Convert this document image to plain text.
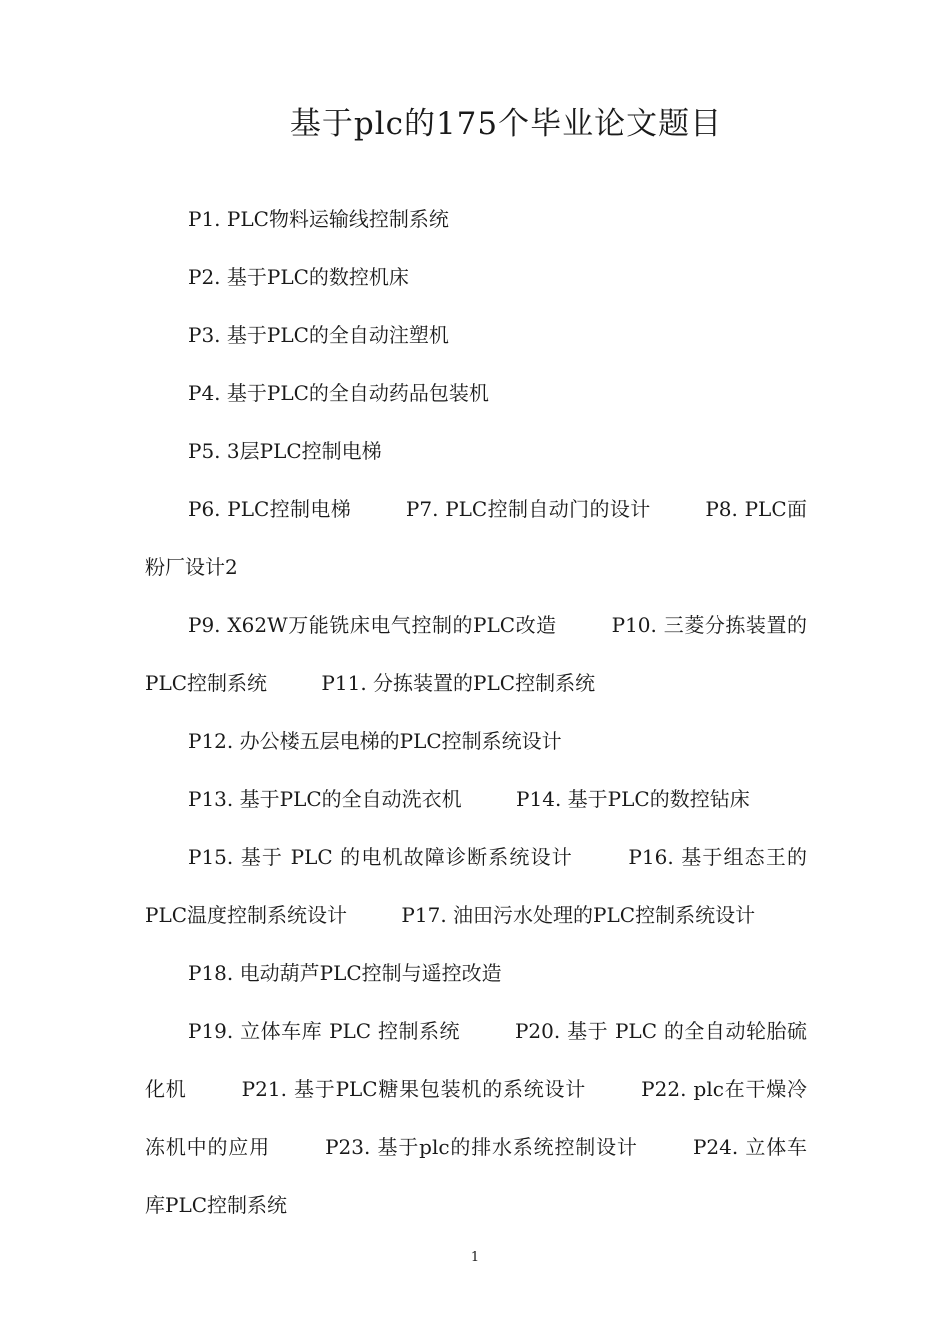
基于plc的175个毕业论文题目

P1. PLC物料运输线控制系统

P2. 基于PLC的数控机床

P3. 基于PLC的全自动注塑机

P4. 基于PLC的全自动药品包装机

P5. 3层PLC控制电梯

P6. PLC控制电梯	P7. PLC控制自动门的设计	P8. PLC面粉厂设计2

P9. X62W万能铣床电气控制的PLC改造	P10. 三菱分拣装置的PLC控制系统	P11. 分拣装置的PLC控制系统

P12. 办公楼五层电梯的PLC控制系统设计

P13. 基于PLC的全自动洗衣机	P14. 基于PLC的数控钻床

P15. 基于 PLC 的电机故障诊断系统设计	P16. 基于组态王的PLC温度控制系统设计	P17. 油田污水处理的PLC控制系统设计

P18. 电动葫芦PLC控制与遥控改造

P19. 立体车库 PLC 控制系统	P20. 基于 PLC 的全自动轮胎硫化机	P21. 基于PLC糖果包装机的系统设计	P22. plc在干燥冷冻机中的应用	P23. 基于plc的排水系统控制设计	P24. 立体车库PLC控制系统

1
